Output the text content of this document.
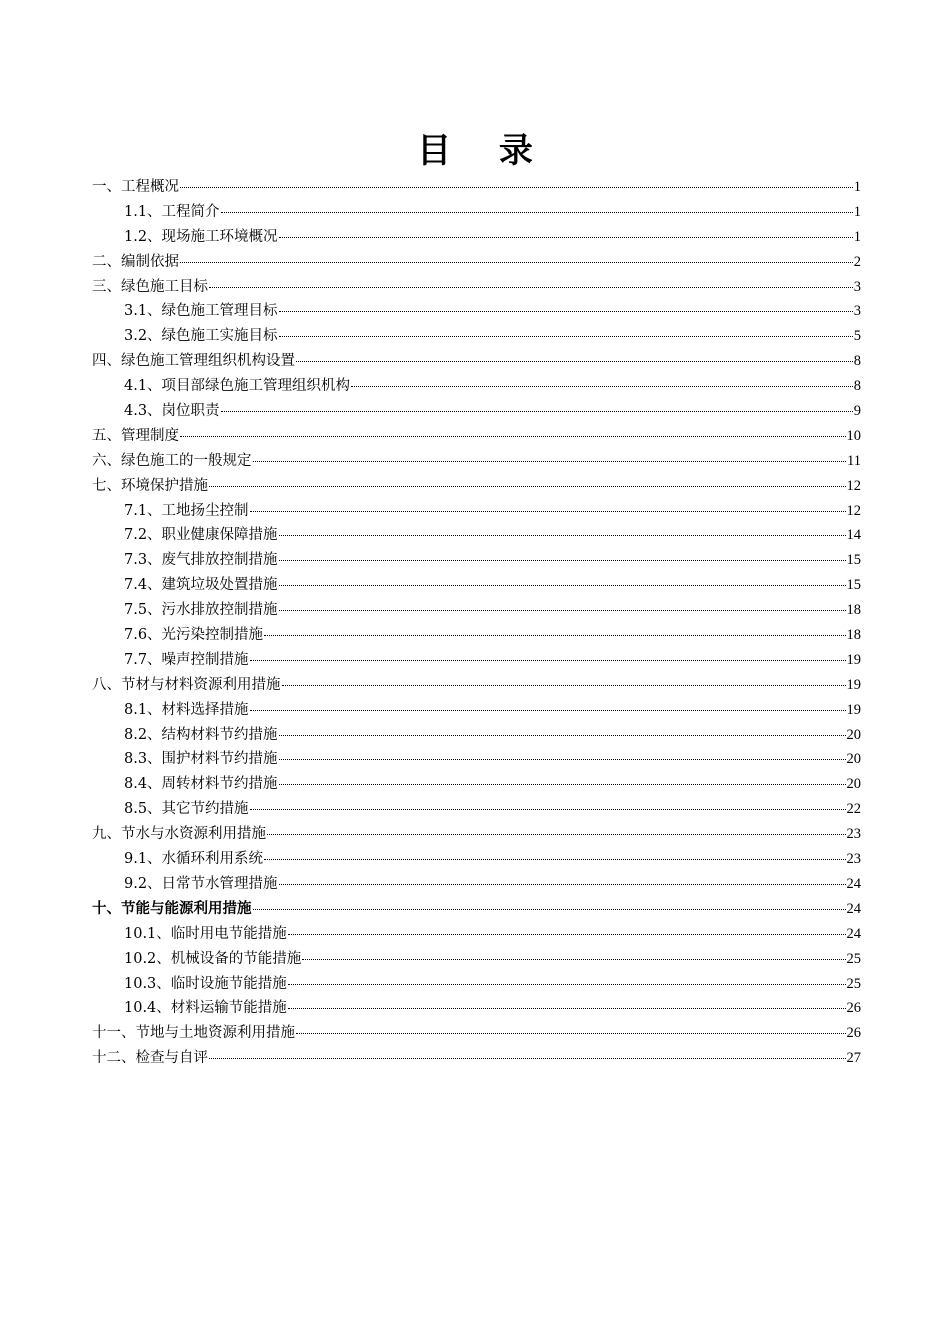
目 录
一、工程概况	1
1.1、工程简介	1
1.2、现场施工环境概况	1
二、编制依据	2
三、绿色施工目标	3
3.1、绿色施工管理目标	3
3.2、绿色施工实施目标	5
四、绿色施工管理组织机构设置	8
4.1、项目部绿色施工管理组织机构	8
4.3、岗位职责	9
五、管理制度	10
六、绿色施工的一般规定	11
七、环境保护措施	12
7.1、工地扬尘控制	12
7.2、职业健康保障措施	14
7.3、废气排放控制措施	15
7.4、建筑垃圾处置措施	15
7.5、污水排放控制措施	18
7.6、光污染控制措施	18
7.7、噪声控制措施	19
八、节材与材料资源利用措施	19
8.1、材料选择措施	19
8.2、结构材料节约措施	20
8.3、围护材料节约措施	20
8.4、周转材料节约措施	20
8.5、其它节约措施	22
九、节水与水资源利用措施	23
9.1、水循环利用系统	23
9.2、日常节水管理措施	24
十、节能与能源利用措施	24
10.1、临时用电节能措施	24
10.2、机械设备的节能措施	25
10.3、临时设施节能措施	25
10.4、材料运输节能措施	26
十一、节地与土地资源利用措施	26
十二、检查与自评	27
